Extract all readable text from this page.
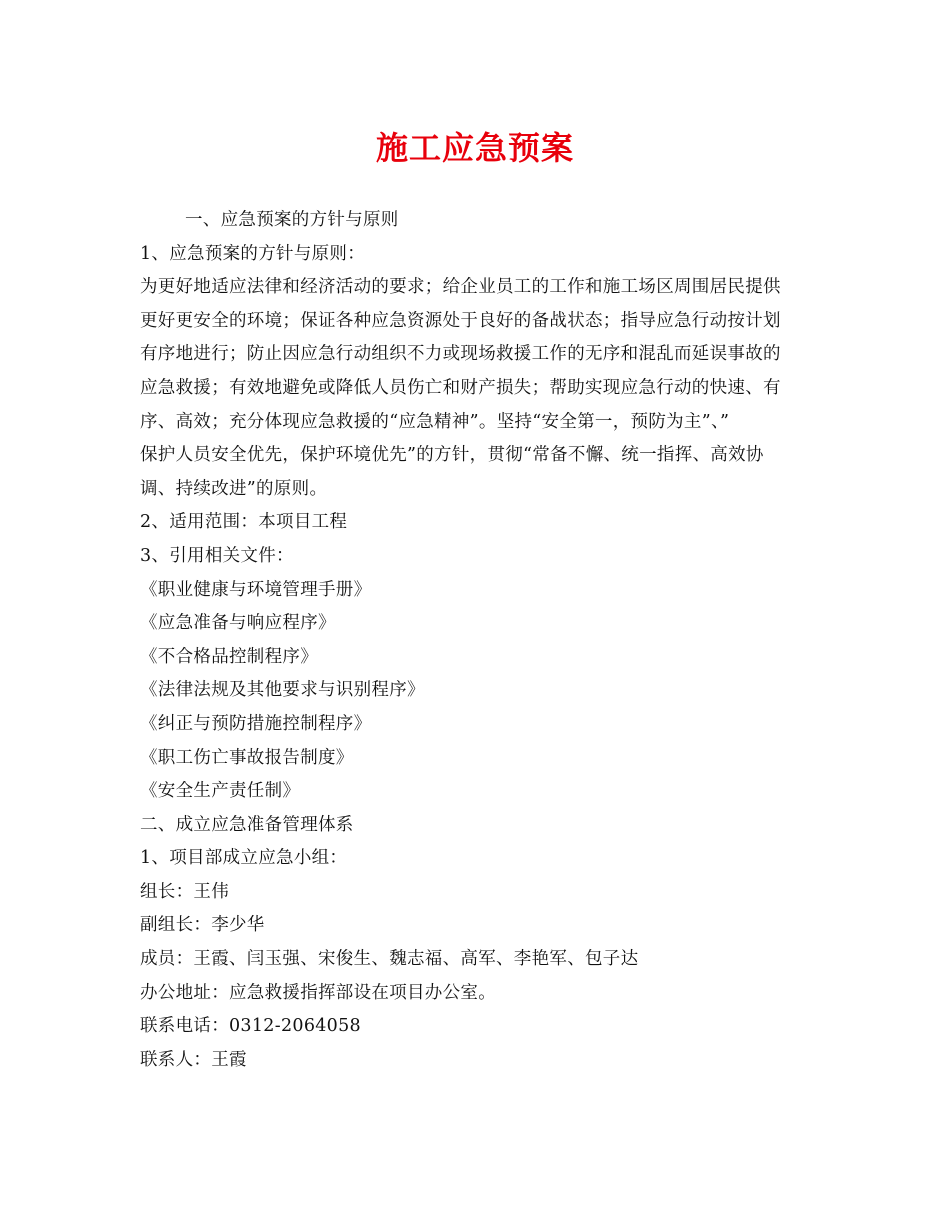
施工应急预案
一、应急预案的方针与原则
1、应急预案的方针与原则：
为更好地适应法律和经济活动的要求；给企业员工的工作和施工场区周围居民提供
更好更安全的环境；保证各种应急资源处于良好的备战状态；指导应急行动按计划
有序地进行；防止因应急行动组织不力或现场救援工作的无序和混乱而延误事故的
应急救援；有效地避免或降低人员伤亡和财产损失；帮助实现应急行动的快速、有
序、高效；充分体现应急救援的“应急精神”。坚持“安全第一，预防为主”、”
保护人员安全优先，保护环境优先”的方针，贯彻“常备不懈、统一指挥、高效协
调、持续改进”的原则。
2、适用范围：本项目工程
3、引用相关文件：
《职业健康与环境管理手册》
《应急准备与响应程序》
《不合格品控制程序》
《法律法规及其他要求与识别程序》
《纠正与预防措施控制程序》
《职工伤亡事故报告制度》
《安全生产责任制》
二、成立应急准备管理体系
1、项目部成立应急小组：
组长：王伟
副组长：李少华
成员：王霞、闫玉强、宋俊生、魏志福、高军、李艳军、包子达
办公地址：应急救援指挥部设在项目办公室。
联系电话：0312-2064058
联系人：王霞
